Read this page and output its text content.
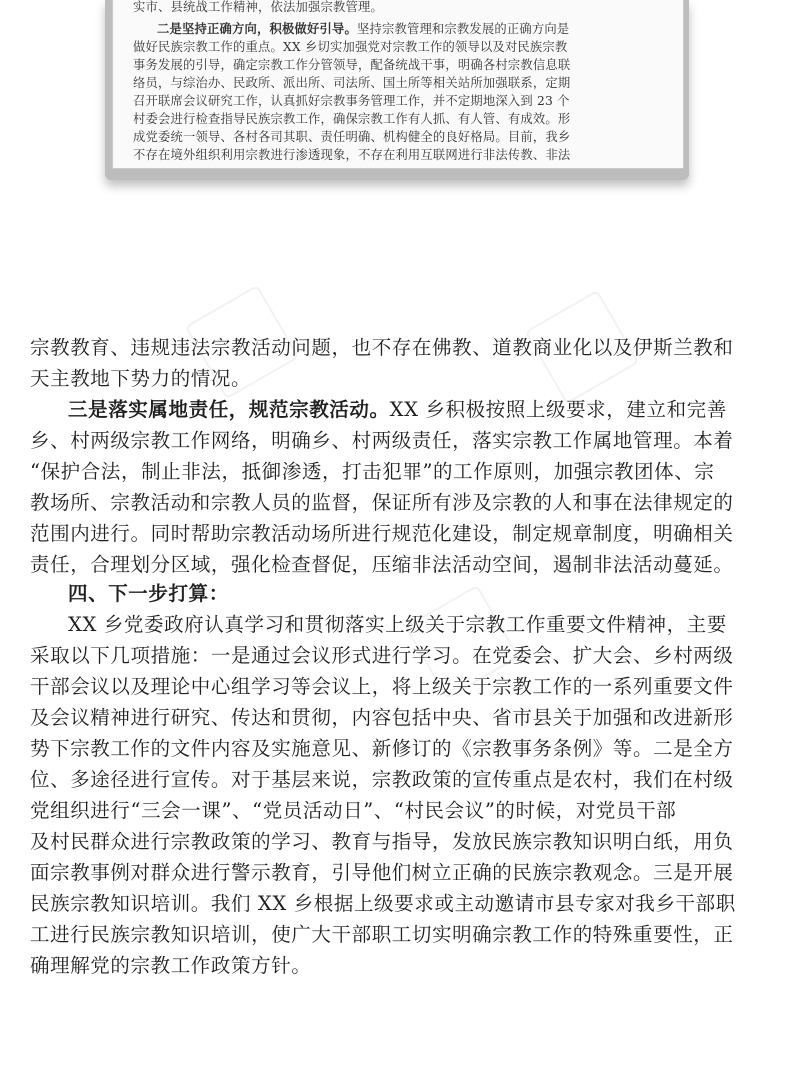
实市、县统战工作精神，依法加强宗教管理。
二是坚持正确方向，积极做好引导。坚持宗教管理和宗教发展的正确方向是
做好民族宗教工作的重点。XX 乡切实加强党对宗教工作的领导以及对民族宗教
事务发展的引导，确定宗教工作分管领导，配备统战干事，明确各村宗教信息联
络员，与综治办、民政所、派出所、司法所、国土所等相关站所加强联系，定期
召开联席会议研究工作，认真抓好宗教事务管理工作，并不定期地深入到 23 个
村委会进行检查指导民族宗教工作，确保宗教工作有人抓、有人管、有成效。形
成党委统一领导、各村各司其职、责任明确、机构健全的良好格局。目前，我乡
不存在境外组织利用宗教进行渗透现象，不存在利用互联网进行非法传教、非法
宗教教育、违规违法宗教活动问题，也不存在佛教、道教商业化以及伊斯兰教和
天主教地下势力的情况。
三是落实属地责任，规范宗教活动。XX 乡积极按照上级要求，建立和完善
乡、村两级宗教工作网络，明确乡、村两级责任，落实宗教工作属地管理。本着
“保护合法，制止非法，抵御渗透，打击犯罪”的工作原则，加强宗教团体、宗
教场所、宗教活动和宗教人员的监督，保证所有涉及宗教的人和事在法律规定的
范围内进行。同时帮助宗教活动场所进行规范化建设，制定规章制度，明确相关
责任，合理划分区域，强化检查督促，压缩非法活动空间，遏制非法活动蔓延。
四、下一步打算：
XX 乡党委政府认真学习和贯彻落实上级关于宗教工作重要文件精神，主要
采取以下几项措施：一是通过会议形式进行学习。在党委会、扩大会、乡村两级
干部会议以及理论中心组学习等会议上，将上级关于宗教工作的一系列重要文件
及会议精神进行研究、传达和贯彻，内容包括中央、省市县关于加强和改进新形
势下宗教工作的文件内容及实施意见、新修订的《宗教事务条例》等。二是全方
位、多途径进行宣传。对于基层来说，宗教政策的宣传重点是农村，我们在村级
党组织进行“三会一课”、“党员活动日”、“村民会议”的时候，对党员干部
及村民群众进行宗教政策的学习、教育与指导，发放民族宗教知识明白纸，用负
面宗教事例对群众进行警示教育，引导他们树立正确的民族宗教观念。三是开展
民族宗教知识培训。我们 XX 乡根据上级要求或主动邀请市县专家对我乡干部职
工进行民族宗教知识培训，使广大干部职工切实明确宗教工作的特殊重要性，正
确理解党的宗教工作政策方针。
